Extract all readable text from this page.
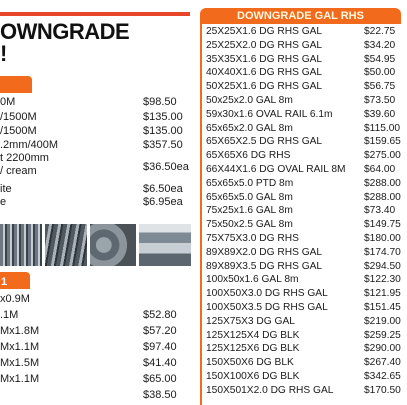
OWNGRADE
!
0M	$98.50
/1500M	$135.00
/1500M	$135.00
.2mm/400M	$357.50
t 2200mm
/ cream	$36.50ea
ite	$6.50ea
e	$6.95ea
1
x0.9M
.1M	$52.80
Mx1.8M	$57.20
Mx1.1M	$97.40
Mx1.5M	$41.40
Mx1.1M	$65.00
$38.50
DOWNGRADE GAL RHS
25X25X1.6 DG RHS GAL	$22.75
25X25X2.0 DG RHS GAL	$34.20
35X35X1.6 DG RHS GAL	$54.95
40X40X1.6 DG RHS GAL	$50.00
50X25X1.6 DG RHS GAL	$56.75
50x25x2.0 GAL 8m	$73.50
59x30x1.6 OVAL RAIL 6.1m	$39.60
65x65x2.0 GAL 8m	$115.00
65X65X2.5 DG RHS GAL	$159.65
65X65X6 DG RHS	$275.00
66X44X1.6 DG OVAL RAIL 8M $64.00
65x65x5.0 PTD 8m	$288.00
65x65x5.0 GAL 8m	$288.00
75x25x1.6 GAL 8m	$73.40
75x50x2.5 GAL 8m	$149.75
75X75X3.0 DG RHS	$180.00
89X89X2.0 DG RHS GAL	$174.70
89X89X3.5 DG RHS GAL	$294.50
100x50x1.6 GAL 8m	$122.30
100X50X3.0 DG RHS GAL	$121.95
100X50X3.5 DG RHS GAL	$151.45
125X75X3 DG GAL	$219.00
125X125X4 DG BLK	$259.25
125X125X6 DG BLK	$290.00
150X50X6 DG BLK	$267.40
150X100X6 DG BLK	$342.65
150X501X2.0 DG RHS GAL	$170.50
